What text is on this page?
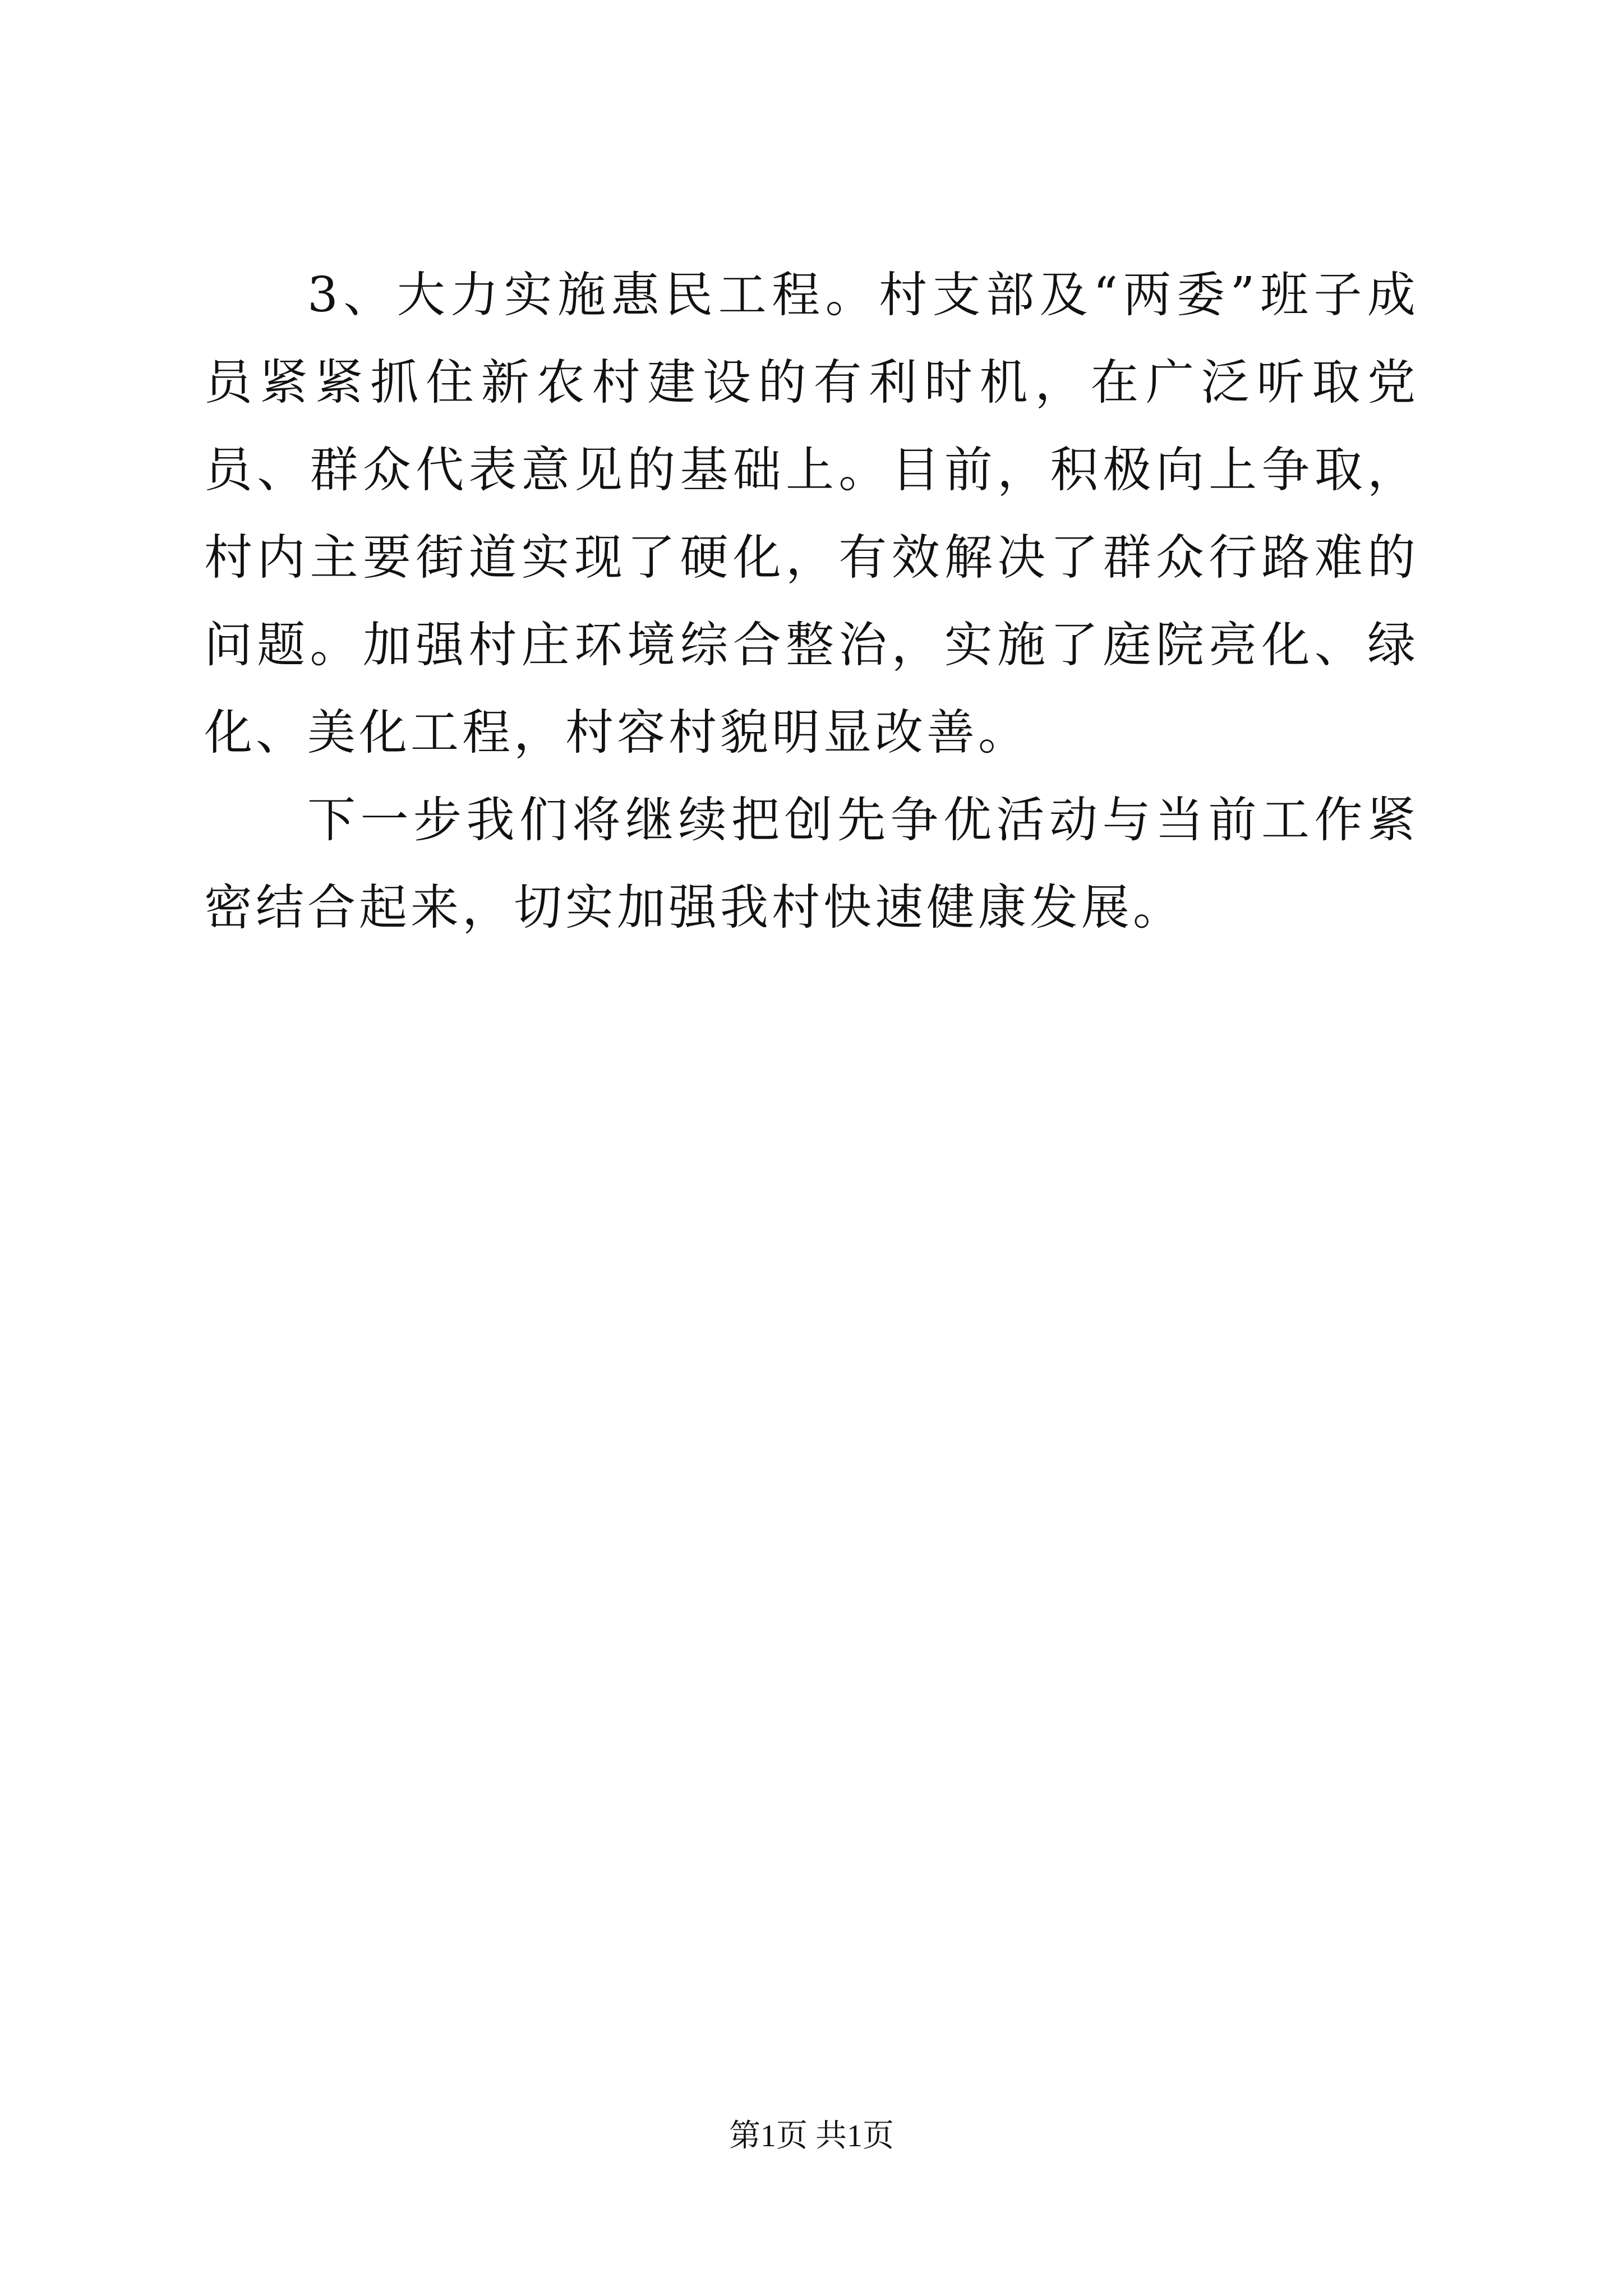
3、大力实施惠民工程。村支部及“两委”班子成员紧紧抓住新农村建设的有利时机，在广泛听取党员、群众代表意见的基础上。目前，积极向上争取，村内主要街道实现了硬化，有效解决了群众行路难的问题。加强村庄环境综合整治，实施了庭院亮化、绿化、美化工程，村容村貌明显改善。

下一步我们将继续把创先争优活动与当前工作紧密结合起来，切实加强我村快速健康发展。

第1页 共1页
